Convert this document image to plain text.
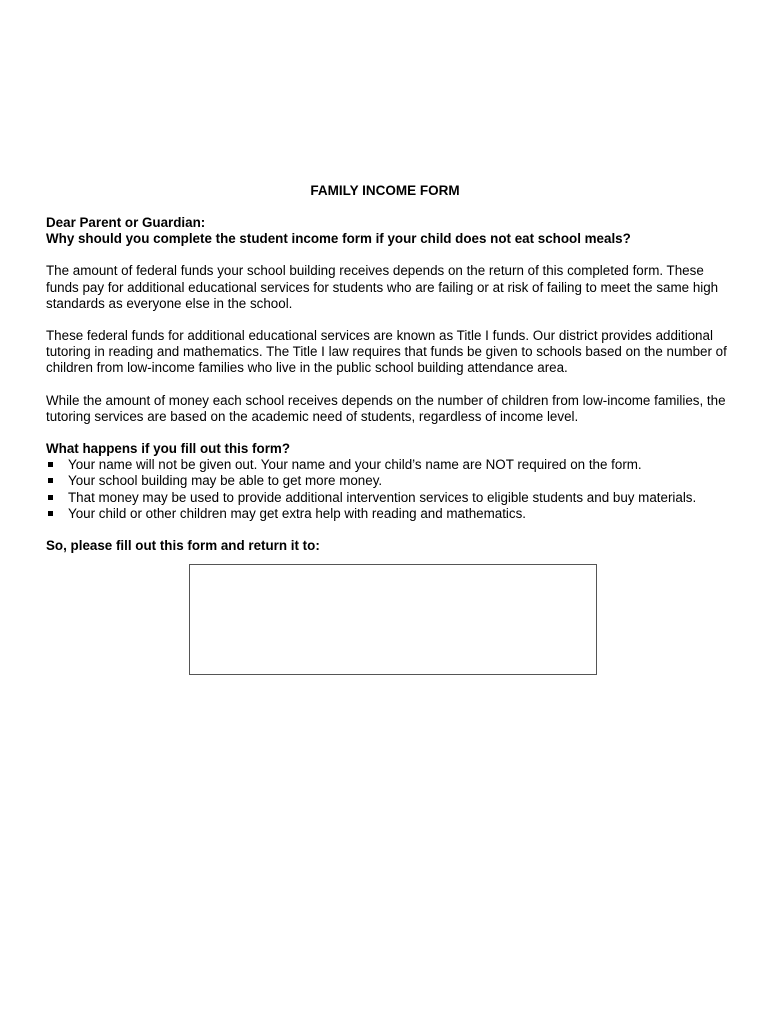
FAMILY INCOME FORM

Dear Parent or Guardian:

Why should you complete the student income form if your child does not eat school meals?

The amount of federal funds your school building receives depends on the return of this completed form. These funds pay for additional educational services for students who are failing or at risk of failing to meet the same high standards as everyone else in the school.

These federal funds for additional educational services are known as Title I funds. Our district provides additional tutoring in reading and mathematics. The Title I law requires that funds be given to schools based on the number of children from low-income families who live in the public school building attendance area.

While the amount of money each school receives depends on the number of children from low-income families, the tutoring services are based on the academic need of students, regardless of income level.

What happens if you fill out this form?

Your name will not be given out. Your name and your child’s name are NOT required on the form.
Your school building may be able to get more money.
That money may be used to provide additional intervention services to eligible students and buy materials.
Your child or other children may get extra help with reading and mathematics.

So, please fill out this form and return it to:
